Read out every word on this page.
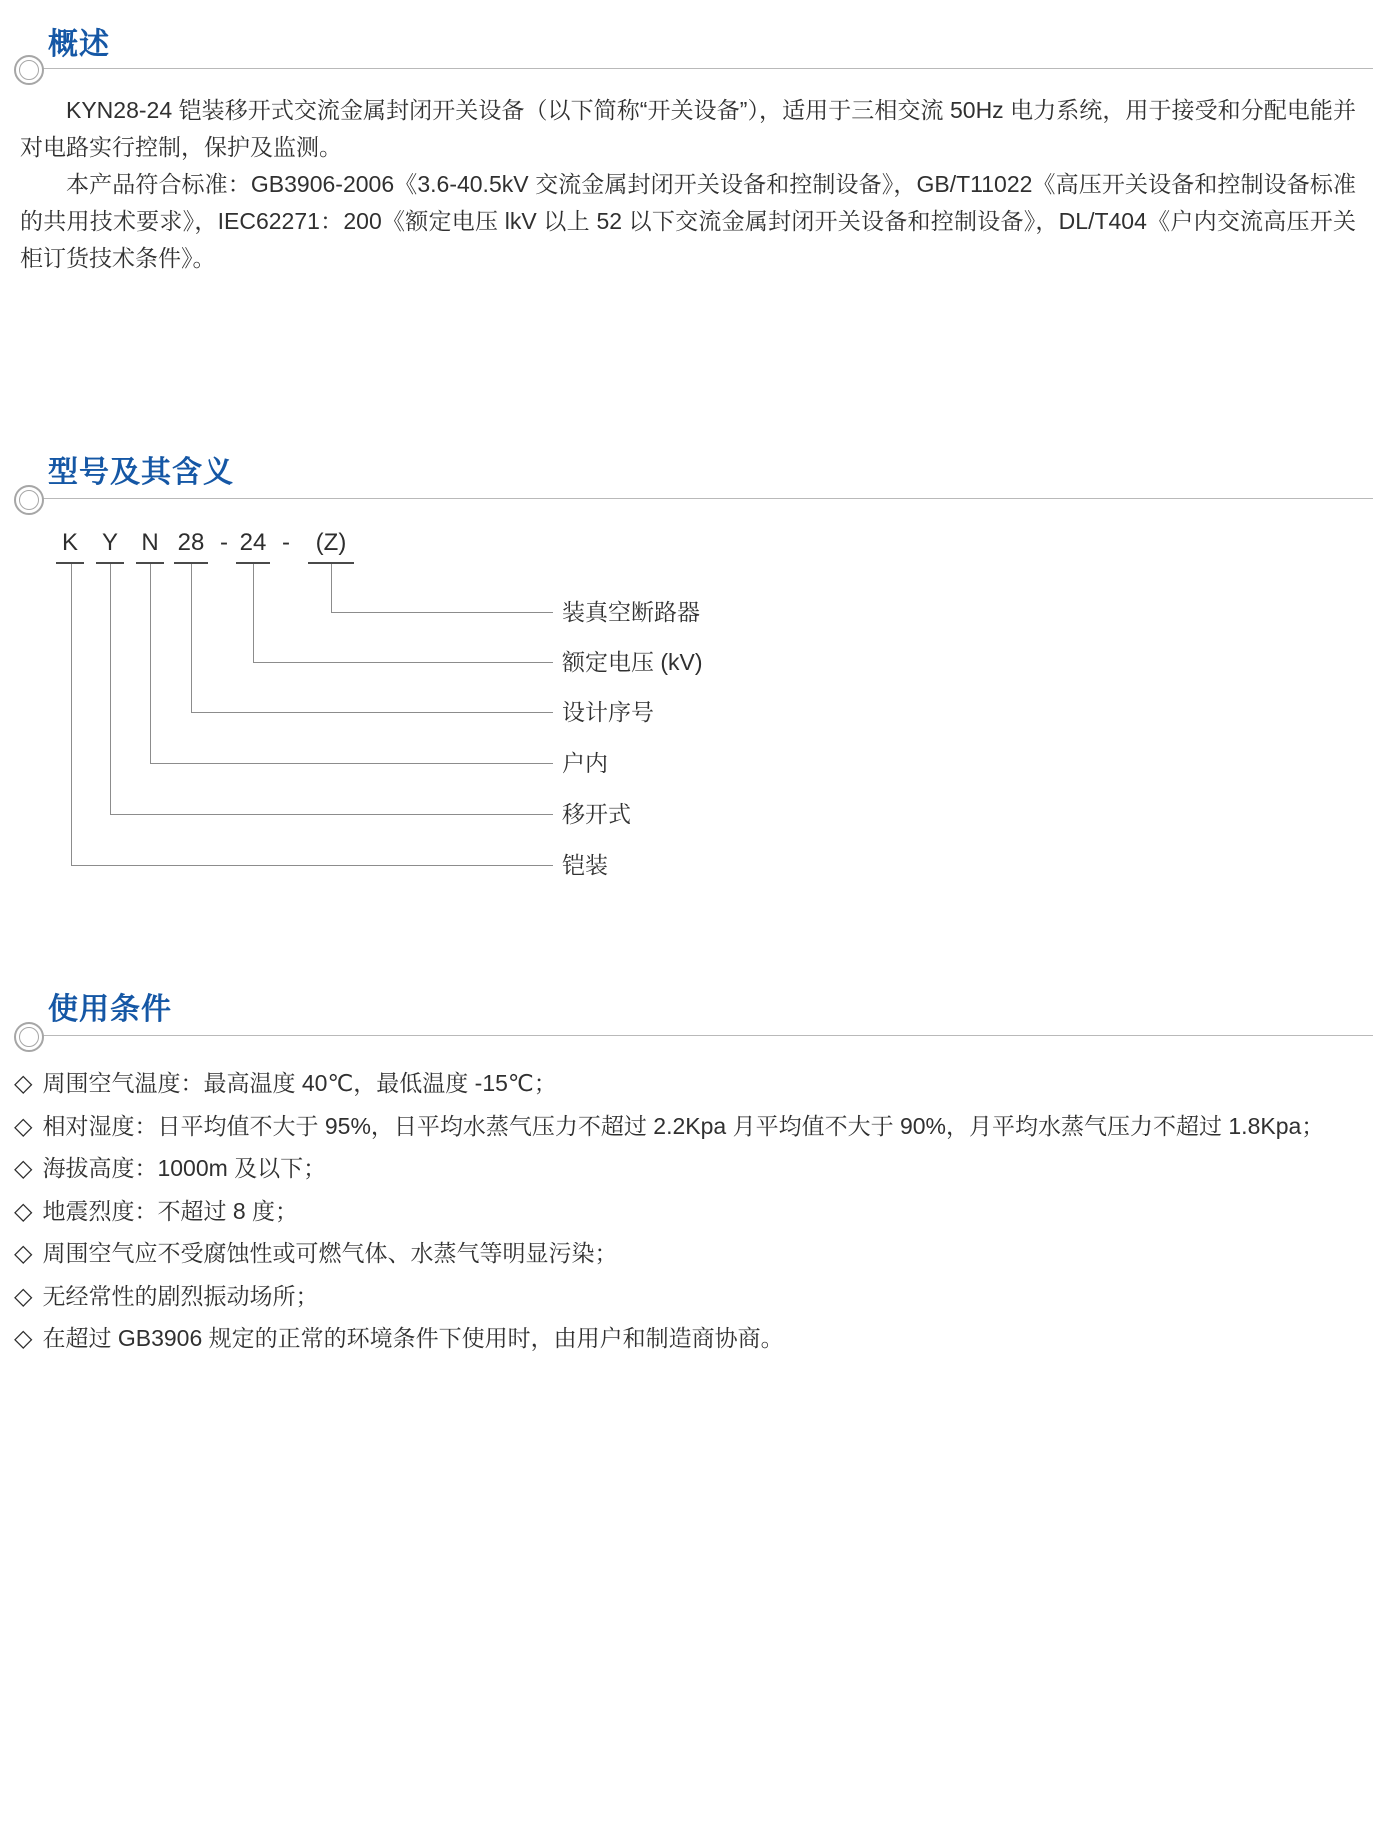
概述

KYN28-24 铠装移开式交流金属封闭开关设备（以下简称“开关设备”），适用于三相交流 50Hz 电力系统，用于接受和分配电能并对电路实行控制，保护及监测。

本产品符合标准：GB3906-2006《3.6-40.5kV 交流金属封闭开关设备和控制设备》，GB/T11022《高压开关设备和控制设备标准的共用技术要求》，IEC62271：200《额定电压 lkV 以上 52 以下交流金属封闭开关设备和控制设备》，DL/T404《户内交流高压开关柜订货技术条件》。

型号及其含义
K Y N 28 - 24 - (Z)
装真空断路器
额定电压 (kV)
设计序号
户内
移开式
铠装
使用条件
◇ 周围空气温度：最高温度 40℃，最低温度 -15℃；
◇ 相对湿度：日平均值不大于 95%，日平均水蒸气压力不超过 2.2Kpa 月平均值不大于 90%，月平均水蒸气压力不超过 1.8Kpa；
◇ 海拔高度：1000m 及以下；
◇ 地震烈度：不超过 8 度；
◇ 周围空气应不受腐蚀性或可燃气体、水蒸气等明显污染；
◇ 无经常性的剧烈振动场所；
◇ 在超过 GB3906 规定的正常的环境条件下使用时，由用户和制造商协商。
